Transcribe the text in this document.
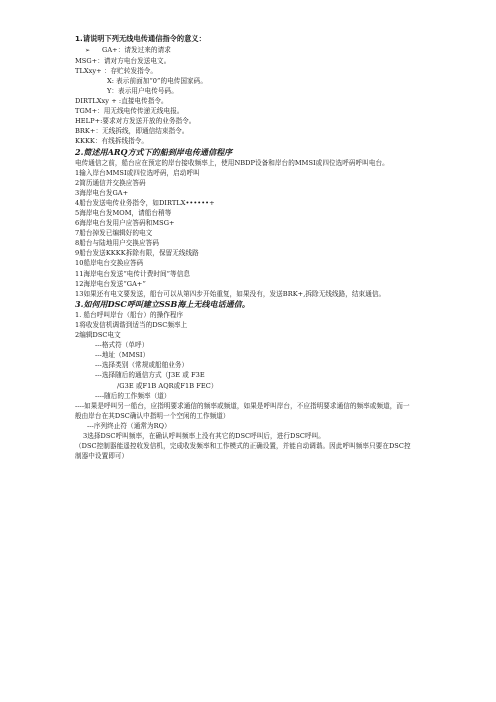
1.请说明下列无线电传通信指令的意义：
➢ GA+：请发过来的请求
MSG+：请对方电台发送电文。
TLXxy+ ：存贮转发指令。
X: 表示前面加“0”的电传国家码。
Y：表示用户电传号码。
DIRTLXxy + :直接电传指令。
TGM+：用无线电传传递无线电报。
HELP+:要求对方发送开放的业务指令。
BRK+：无线拆线，即通信结束指令。
KKKK：有线拆线指令。
2.简述用ARQ方式下的船到岸电传通信程序
电传通信之前，船台应在预定的岸台接收频率上，使用NBDP设备和岸台的MMSI或四位选呼码呼叫电台。
1输入岸台MMSI或四位选呼码，启动呼叫
2简历通信并交换应答码
3海岸电台发GA+
4船台发送电传业务指令，如DIRTLX••••••+
5海岸电台发MOM，请船台稍等
6海岸电台发用户应答码和MSG+
7船台掉发已编辑好的电文
8船台与陆地用户交换应答码
9船台发送KKKK拆除有限，保留无线线路
10船岸电台交换应答码
11海岸电台发送“电传计费时间”等信息
12海岸电台发送“GA+”
13如果还有电文要发送，船台可以从第四步开始重复，如果没有，发送BRK+,拆除无线线路，结束通信。
3.如何用DSC呼叫建立SSB海上无线电话通信。
1. 船台呼叫岸台（船台）的操作程序
1将收发信机调谐到适当的DSC频率上
2编辑DSC电文
---格式符（单呼）
---地址（MMSI）
---选择类别（常规或船舶业务）
---选择随后的通信方式（J3E 或 F3E
/G3E 或F1B AQR或F1B FEC）
----随后的工作频率（道）
----如果是呼叫另一船台，应指明要求通信的频率或频道，如果是呼叫岸台，不应指明要求通信的频率或频道，而一般由岸台在其DSC确认中指明一个空闲的工作频道）
---序列终止符（通常为RQ）
3选择DSC呼叫频率，在确认呼叫频率上没有其它的DSC呼叫后，进行DSC呼叫。
（DSC控制器能遥控收发信机，完成收发频率和工作模式的正确设置，并能自动调谐。因此呼叫频率只要在DSC控制器中设置即可）
